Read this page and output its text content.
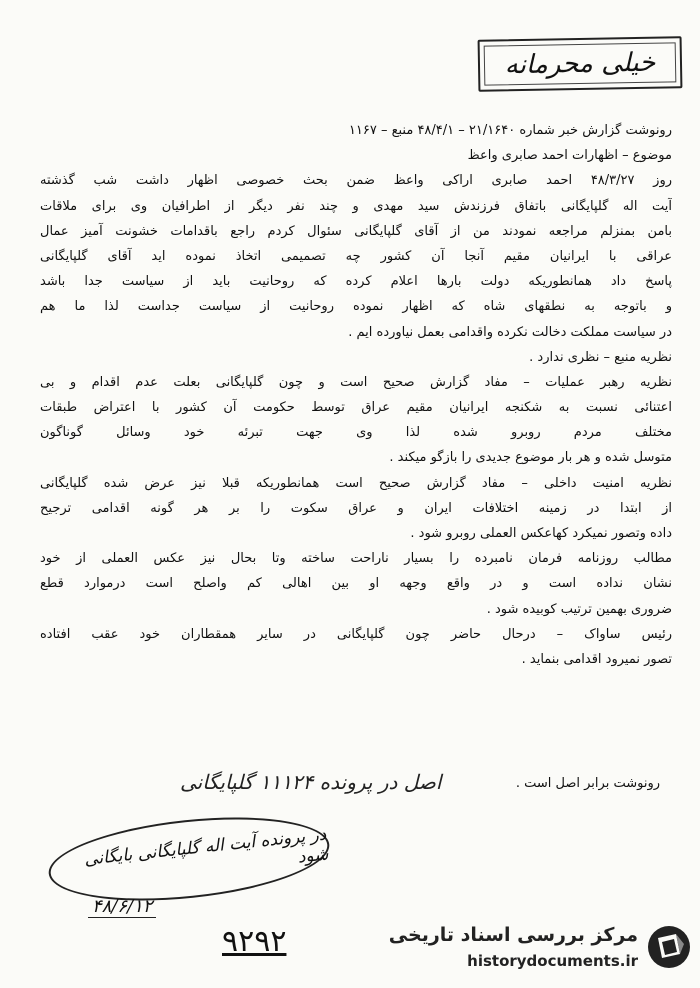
خیلی محرمانه
رونوشت گزارش خبر شماره ۲۱/۱۶۴۰ – ۴۸/۴/۱ منبع – ۱۱۶۷
موضوع – اظهارات احمد صابری واعظ
روز ۴۸/۳/۲۷ احمد صابری اراکی واعظ ضمن بحث خصوصی اظهار داشت شب گذشته
آیت اله گلپایگانی باتفاق فرزندش سید مهدی و چند نفر دیگر از اطرافیان وی برای ملاقات
بامن بمنزلم مراجعه نمودند من از آقای گلپایگانی سئوال کردم راجع باقدامات خشونت آمیز عمال
عراقی با ایرانیان مقیم آنجا آن کشور چه تصمیمی اتخاذ نموده اید آقای گلپایگانی
پاسخ داد همانطوریکه دولت بارها اعلام کرده که روحانیت باید از سیاست جدا باشد
و باتوجه به نطقهای شاه که اظهار نموده روحانیت از سیاست جداست لذا ما هم
در سیاست مملکت دخالت نکرده واقدامی بعمل نیاورده ایم .
نظریه منبع – نظری ندارد .
نظریه رهبر عملیات – مفاد گزارش صحیح است و چون گلپایگانی بعلت عدم اقدام و بی
اعتنائی نسبت به شکنجه ایرانیان مقیم عراق توسط حکومت آن کشور با اعتراض طبقات
مختلف مردم روبرو شده لذا وی جهت تبرئه خود وسائل گوناگون
متوسل شده و هر بار موضوع جدیدی را بازگو میکند .
نظریه امنیت داخلی – مفاد گزارش صحیح است همانطوریکه قبلا نیز عرض شده گلپایگانی
از ابتدا در زمینه اختلافات ایران و عراق سکوت را بر هر گونه اقدامی ترجیح
داده وتصور نمیکرد کهاعکس العملی روبرو شود .
مطالب روزنامه فرمان نامبرده را بسیار ناراحت ساخته وتا بحال نیز عکس العملی از خود
نشان نداده است و در واقع وجهه او بین اهالی کم واصلح است درموارد قطع
ضروری بهمین ترتیب کوبیده شود .
رئیس ساواک – درحال حاضر چون گلپایگانی در سایر همقطاران خود عقب افتاده
تصور نمیرود اقدامی بنماید .
رونوشت برابر اصل است .
اصل در پرونده ۱۱۱۲۴ گلپایگانی
در پرونده آیت اله گلپایگانی بایگانی شود
۴۸/۶/۱۲
۹۲۹۲	مرکز بررسی اسناد تاریخی
historydocuments.ir
